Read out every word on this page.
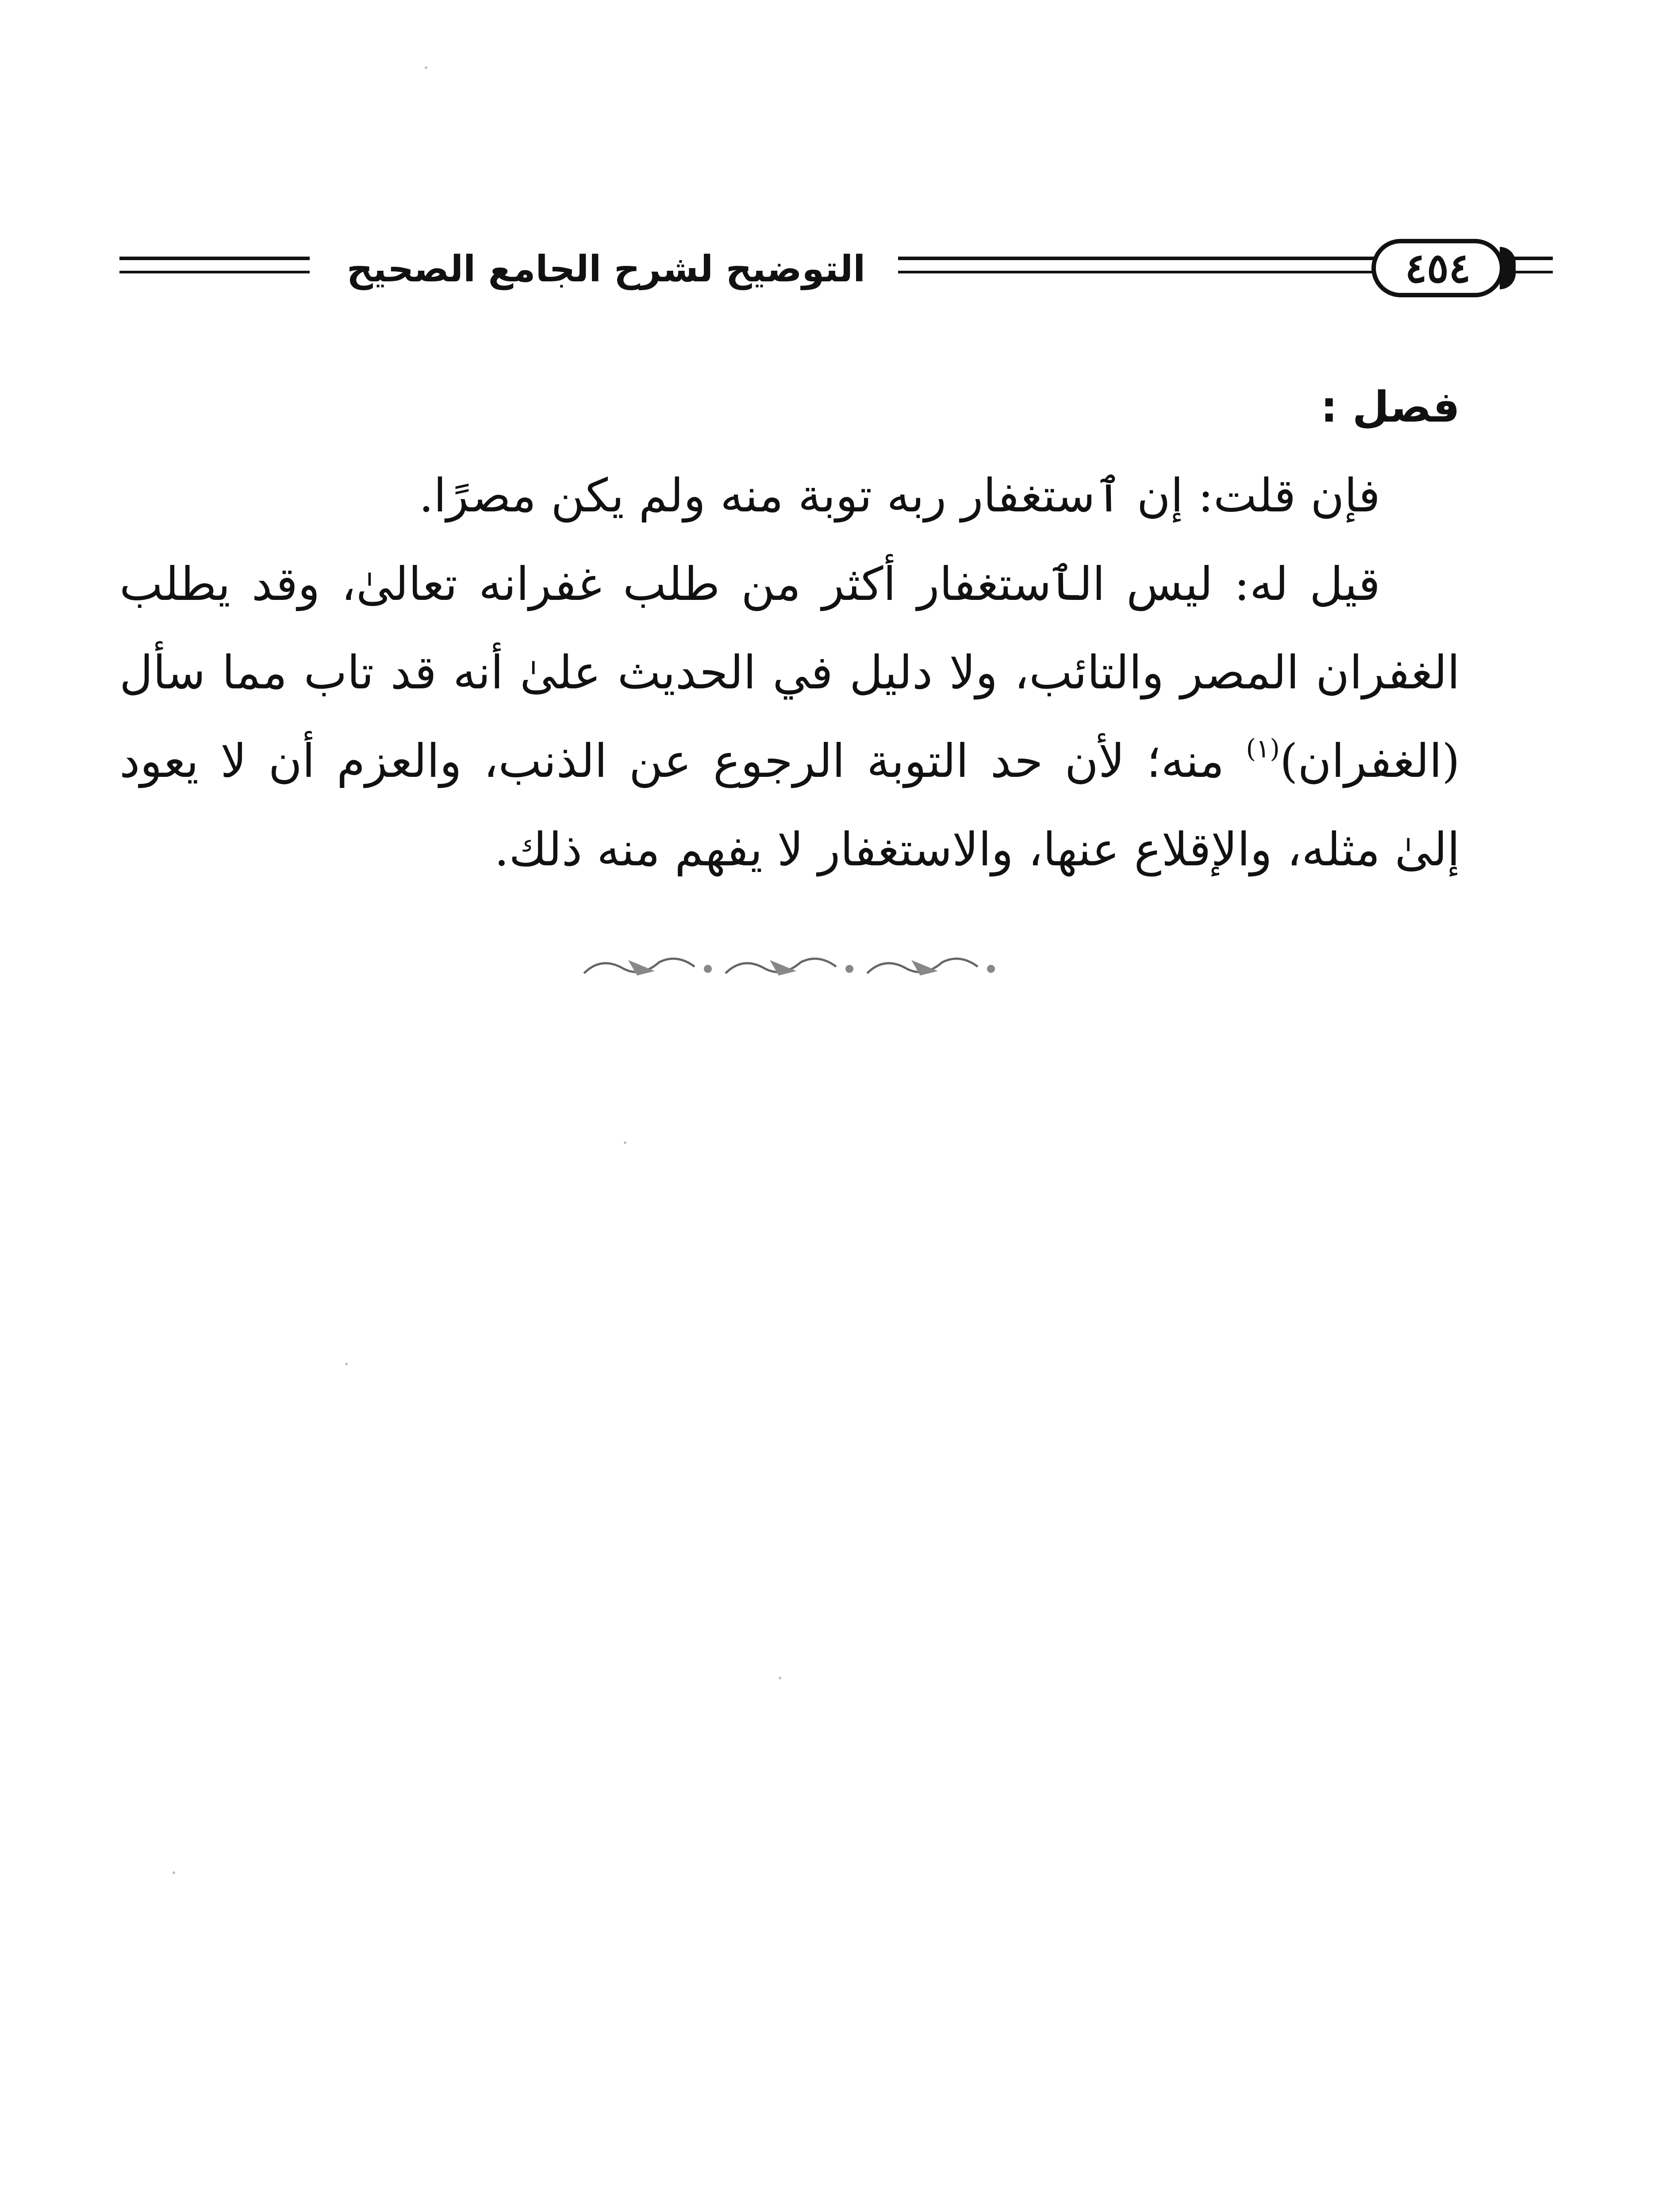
التوضيح لشرح الجامع الصحيح	٤٥٤
فصل :

فإن قلت: إن ٱستغفار ربه توبة منه ولم يكن مصرًا.

قيل له: ليس الٱستغفار أكثر من طلب غفرانه تعالىٰ، وقد يطلب الغفران المصر والتائب، ولا دليل في الحديث علىٰ أنه قد تاب مما سأل (الغفران)$^{(١)}$ منه؛ لأن حد التوبة الرجوع عن الذنب، والعزم أن لا يعود إلىٰ مثله، والإقلاع عنها، والاستغفار لا يفهم منه ذلك.
